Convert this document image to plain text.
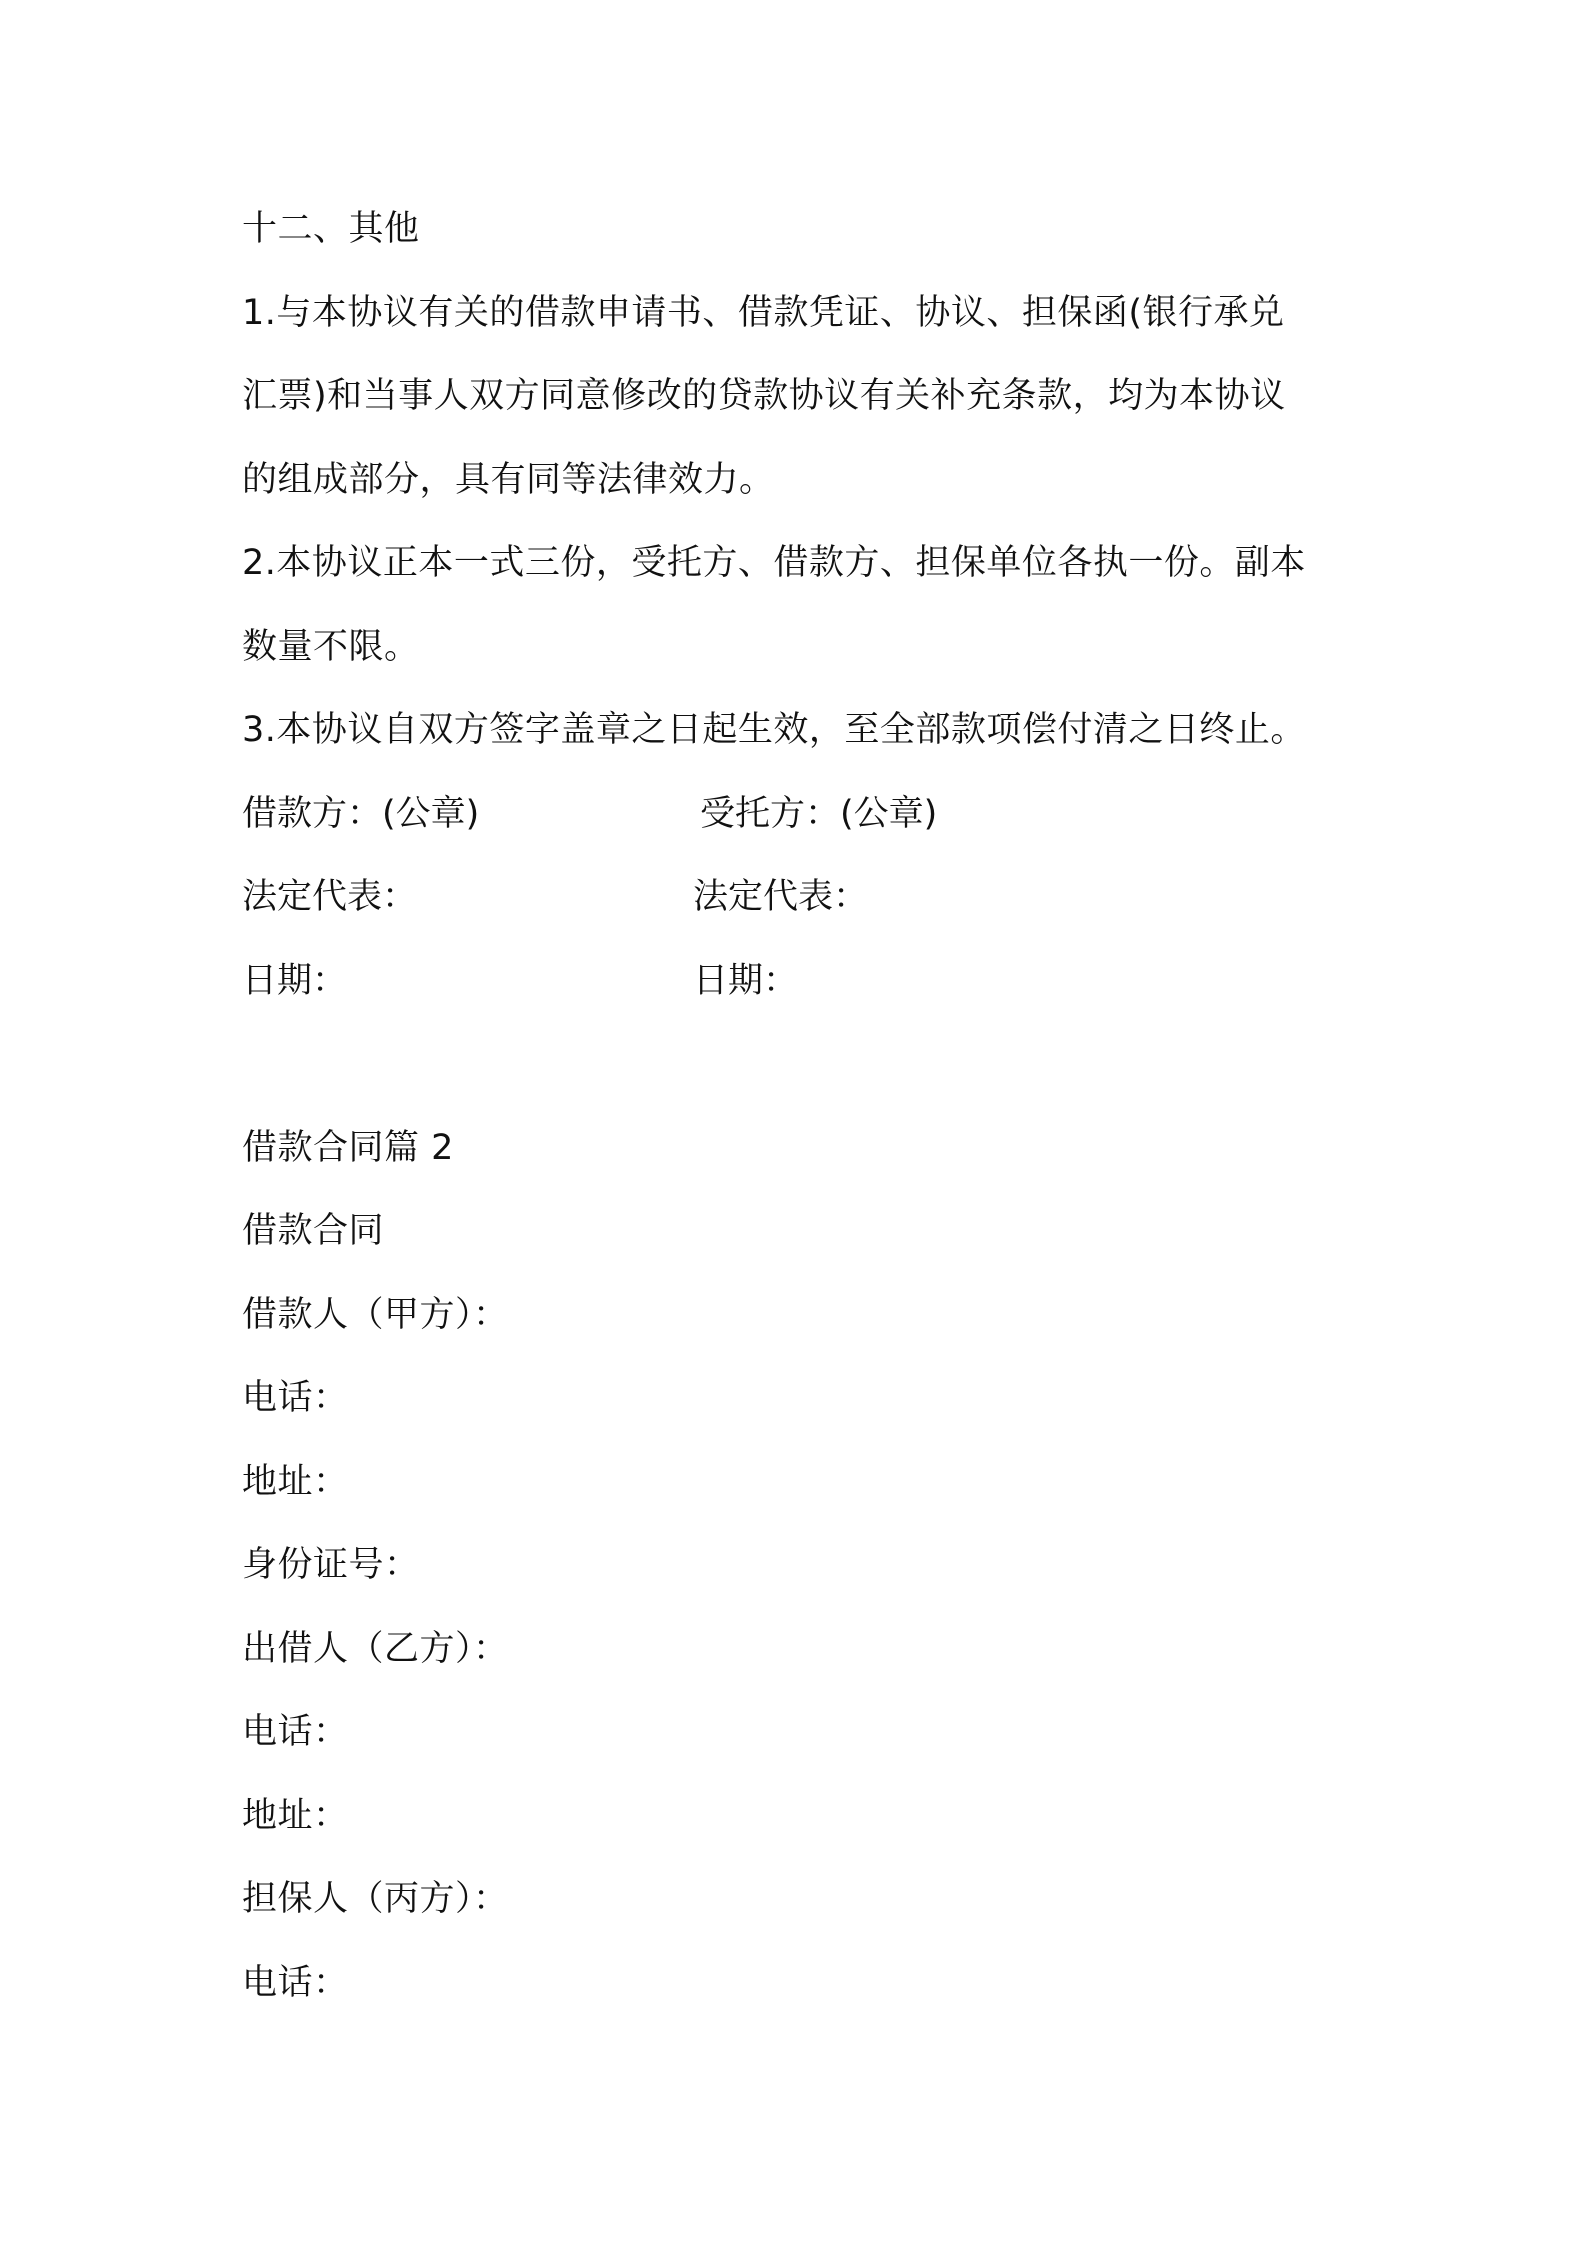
十二、其他
1.与本协议有关的借款申请书、借款凭证、协议、担保函(银行承兑
汇票)和当事人双方同意修改的贷款协议有关补充条款，均为本协议
的组成部分，具有同等法律效力。
2.本协议正本一式三份，受托方、借款方、担保单位各执一份。副本
数量不限。
3.本协议自双方签字盖章之日起生效，至全部款项偿付清之日终止。
借款方：(公章)	受托方：(公章)
法定代表：	法定代表：
日期：	日期：
借款合同篇 2
借款合同
借款人（甲方）：
电话：
地址：
身份证号：
出借人（乙方）：
电话：
地址：
担保人（丙方）：
电话：
